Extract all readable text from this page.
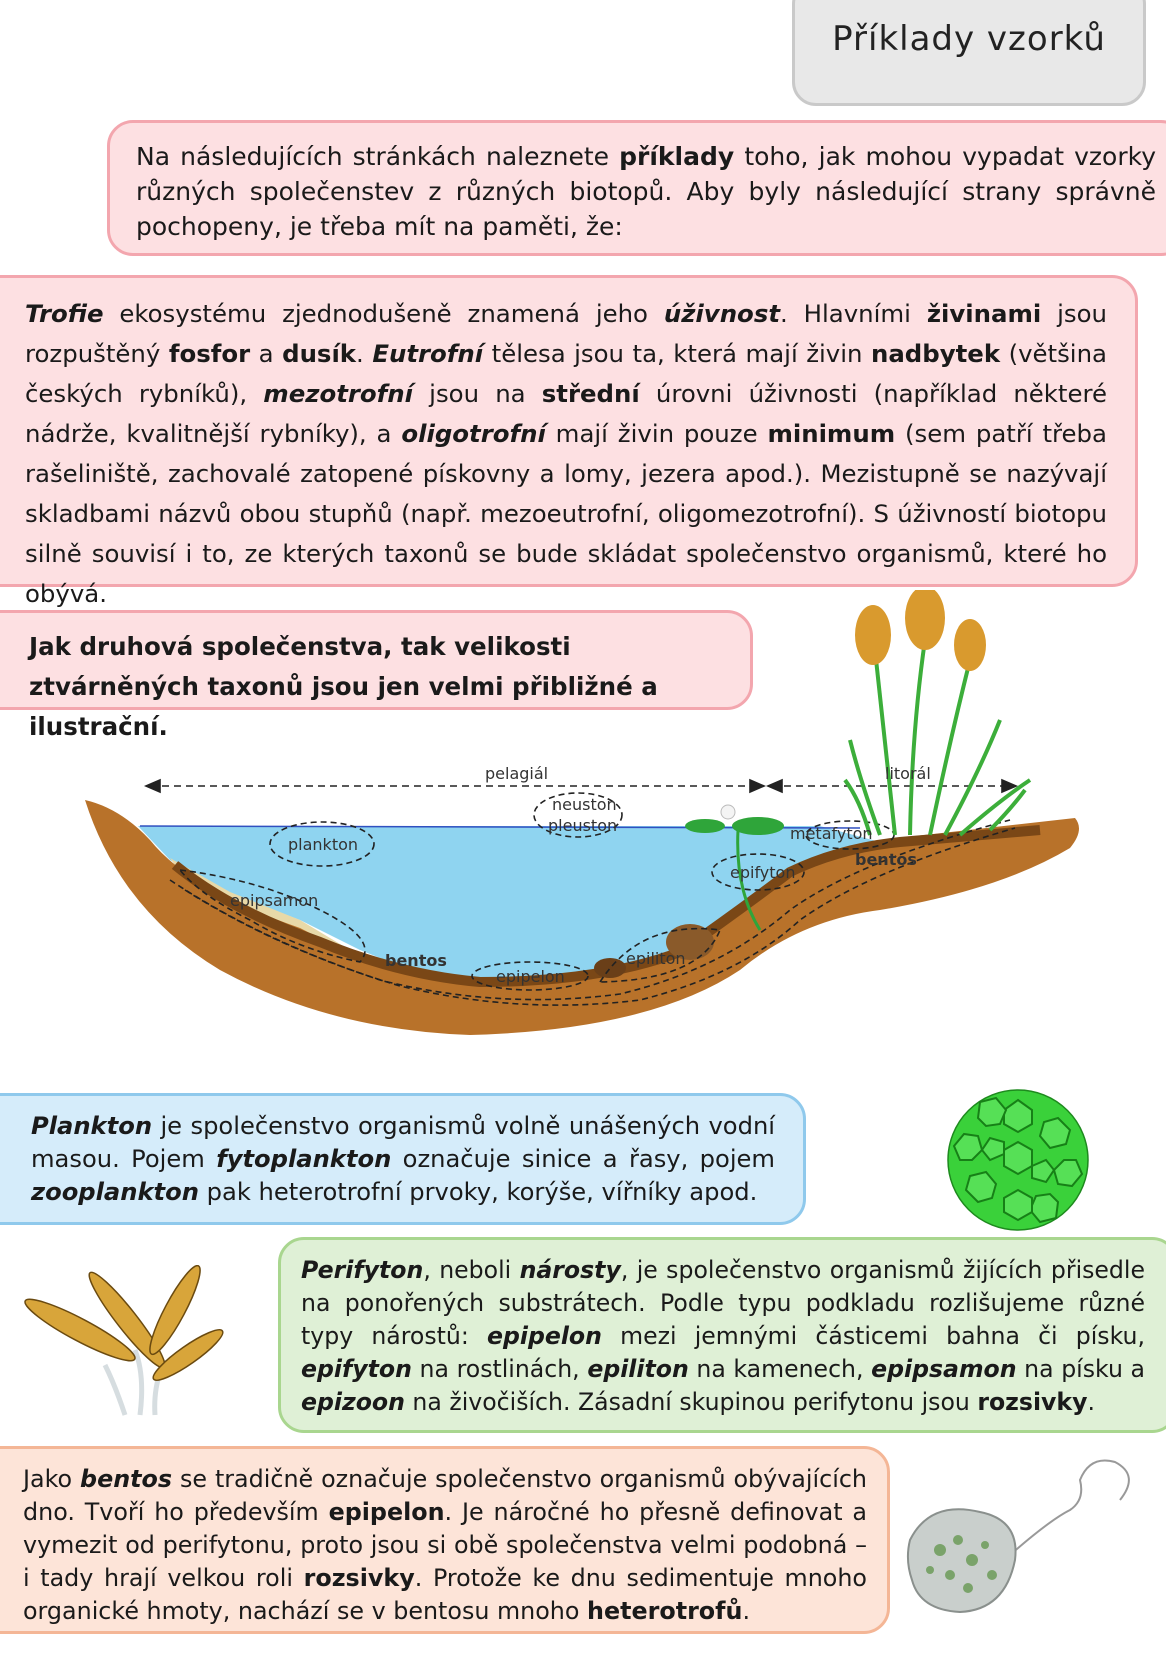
Příklady vzorků
Na následujících stránkách naleznete příklady toho, jak mohou vypadat vzorky různých společenstev z různých biotopů. Aby byly následující strany správně pochopeny, je třeba mít na paměti, že:
Trofie ekosystému zjednodušeně znamená jeho úživnost. Hlavními živinami jsou rozpuštěný fosfor a dusík. Eutrofní tělesa jsou ta, která mají živin nadbytek (většina českých rybníků), mezotrofní jsou na střední úrovni úživnosti (například některé nádrže, kvalitnější rybníky), a oligotrofní mají živin pouze minimum (sem patří třeba rašeliniště, zachovalé zatopené pískovny a lomy, jezera apod.). Mezistupně se nazývají skladbami názvů obou stupňů (např. mezoeutrofní, oligomezotrofní). S úživností biotopu silně souvisí i to, ze kterých taxonů se bude skládat společenstvo organismů, které ho obývá.
Jak druhová společenstva, tak velikosti ztvárněných taxonů jsou jen velmi přibližné a ilustrační.
pelagiál	litorál
neuston
pleuston
plankton
metafyton
bentos
epifyton
epipsamon
bentos
epipelon
epiliton
Plankton je společenstvo organismů volně unášených vodní masou. Pojem fytoplankton označuje sinice a řasy, pojem zooplankton pak heterotrofní prvoky, korýše, vířníky apod.
Perifyton, neboli nárosty, je společenstvo organismů žijících přisedle na ponořených substrátech. Podle typu podkladu rozlišujeme různé typy nárostů: epipelon mezi jemnými částicemi bahna či písku, epifyton na rostlinách, epiliton na kamenech, epipsamon na písku a epizoon na živočiších. Zásadní skupinou perifytonu jsou rozsivky.
Jako bentos se tradičně označuje společenstvo organismů obývajících dno. Tvoří ho především epipelon. Je náročné ho přesně definovat a vymezit od perifytonu, proto jsou si obě společenstva velmi podobná – i tady hrají velkou roli rozsivky. Protože ke dnu sedimentuje mnoho organické hmoty, nachází se v bentosu mnoho heterotrofů.
